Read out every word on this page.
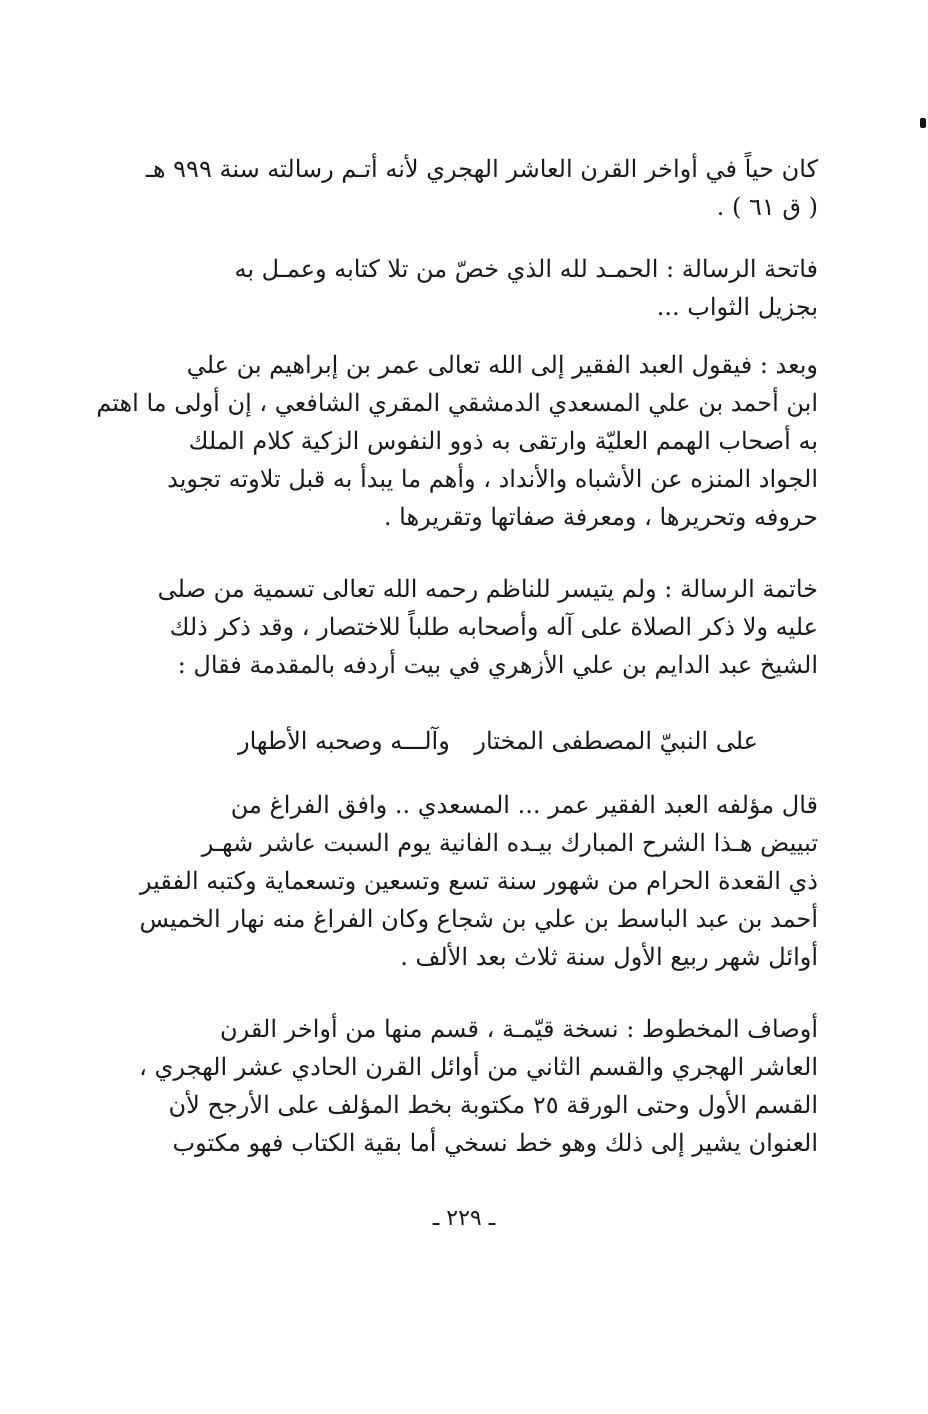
كان حياً في أواخر القرن العاشر الهجري لأنه أتـم رسالته سنة ٩٩٩ هـ
( ق ٦١ ) .
فاتحة الرسالة : الحمـد لله الذي خصّ من تلا كتابه وعمـل به
بجزيل الثواب ...
وبعد : فيقول العبد الفقير إلى الله تعالى عمر بن إبراهيم بن علي
ابن أحمد بن علي المسعدي الدمشقي المقري الشافعي ، إن أولى ما اهتم
به أصحاب الهمم العليّة وارتقى به ذوو النفوس الزكية كلام الملك
الجواد المنزه عن الأشباه والأنداد ، وأهم ما يبدأ به قبل تلاوته تجويد
حروفه وتحريرها ، ومعرفة صفاتها وتقريرها .
خاتمة الرسالة : ولم يتيسر للناظم رحمه الله تعالى تسمية من صلى
عليه ولا ذكر الصلاة على آله وأصحابه طلباً للاختصار ، وقد ذكر ذلك
الشيخ عبد الدايم بن علي الأزهري في بيت أردفه بالمقدمة فقال :
على النبيّ المصطفى المختار
وآلـــه وصحبه الأطهار
قال مؤلفه العبد الفقير عمر ... المسعدي .. وافق الفراغ من
تبييض هـذا الشرح المبارك بيـده الفانية يوم السبت عاشر شهـر
ذي القعدة الحرام من شهور سنة تسع وتسعين وتسعماية وكتبه الفقير
أحمد بن عبد الباسط بن علي بن شجاع وكان الفراغ منه نهار الخميس
أوائل شهر ربيع الأول سنة ثلاث بعد الألف .
أوصاف المخطوط : نسخة قيّمـة ، قسم منها من أواخر القرن
العاشر الهجري والقسم الثاني من أوائل القرن الحادي عشر الهجري ،
القسم الأول وحتى الورقة ٢٥ مكتوبة بخط المؤلف على الأرجح لأن
العنوان يشير إلى ذلك وهو خط نسخي أما بقية الكتاب فهو مكتوب
ـ ٢٢٩ ـ
